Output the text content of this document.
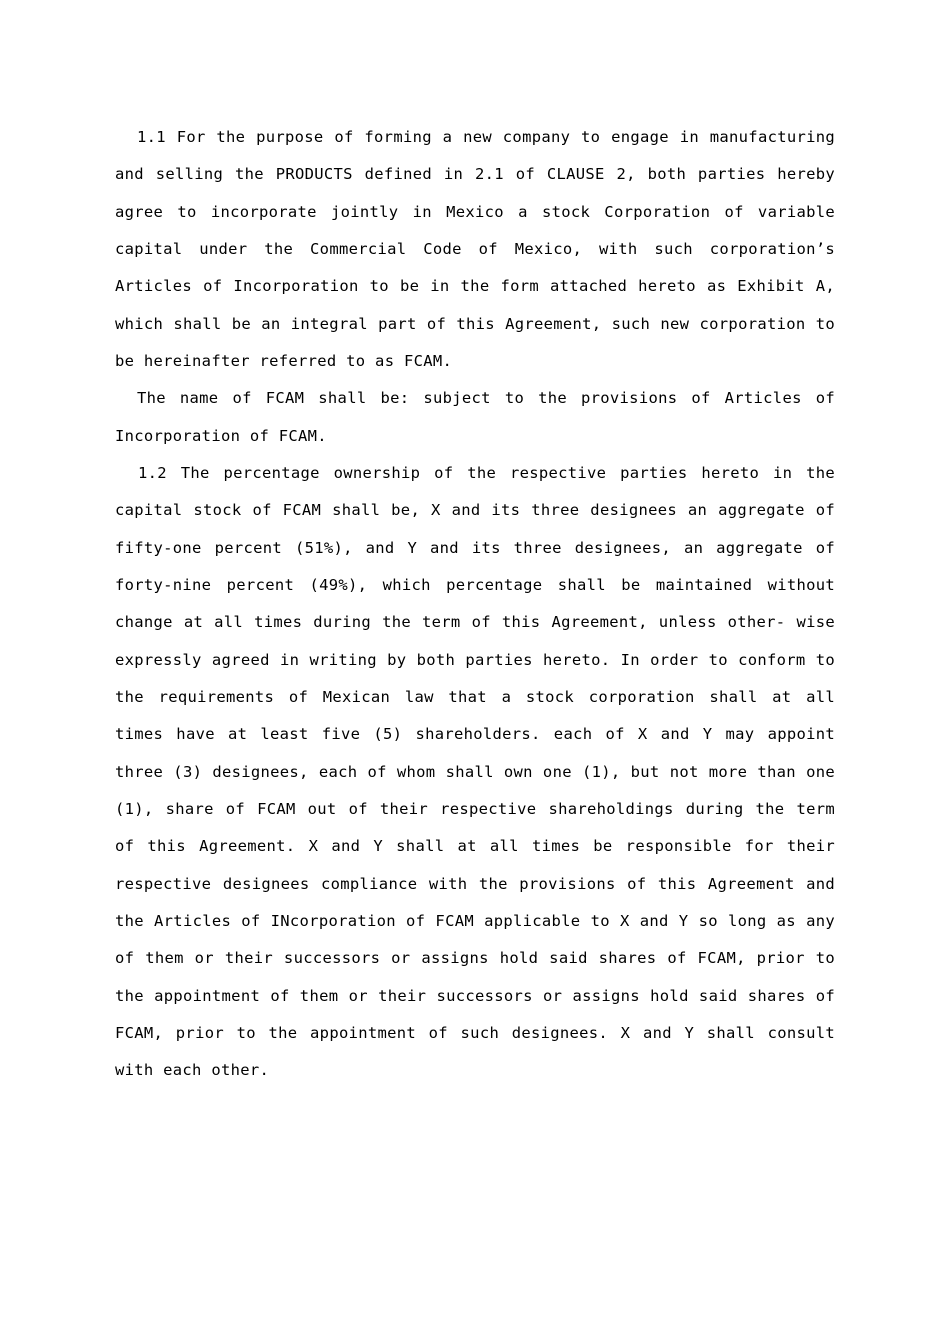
1.1 For the purpose of forming a new company to engage in manufacturing and selling the PRODUCTS defined in 2.1 of CLAUSE 2, both parties hereby agree to incorporate jointly in Mexico a stock Corporation of variable capital under the Commercial Code of Mexico, with such corporation’s Articles of Incorporation to be in the form attached hereto as Exhibit A, which shall be an integral part of this Agreement, such new corporation to be hereinafter referred to as FCAM.

The name of FCAM shall be: subject to the provisions of Articles of Incorporation of FCAM.

1.2 The percentage ownership of the respective parties hereto in the capital stock of FCAM shall be, X and its three designees an aggregate of fifty-one percent (51%), and Y and its three designees, an aggregate of forty-nine percent (49%), which percentage shall be maintained without change at all times during the term of this Agreement, unless other- wise expressly agreed in writing by both parties hereto. In order to conform to the requirements of Mexican law that a stock corporation shall at all times have at least five (5) shareholders. each of X and Y may appoint three (3) designees, each of whom shall own one (1), but not more than one (1), share of FCAM out of their respective shareholdings during the term of this Agreement. X and Y shall at all times be responsible for their respective designees compliance with the provisions of this Agreement and the Articles of INcorporation of FCAM applicable to X and Y so long as any of them or their successors or assigns hold said shares of FCAM, prior to the appointment of them or their successors or assigns hold said shares of FCAM, prior to the appointment of such designees. X and Y shall consult with each other.
